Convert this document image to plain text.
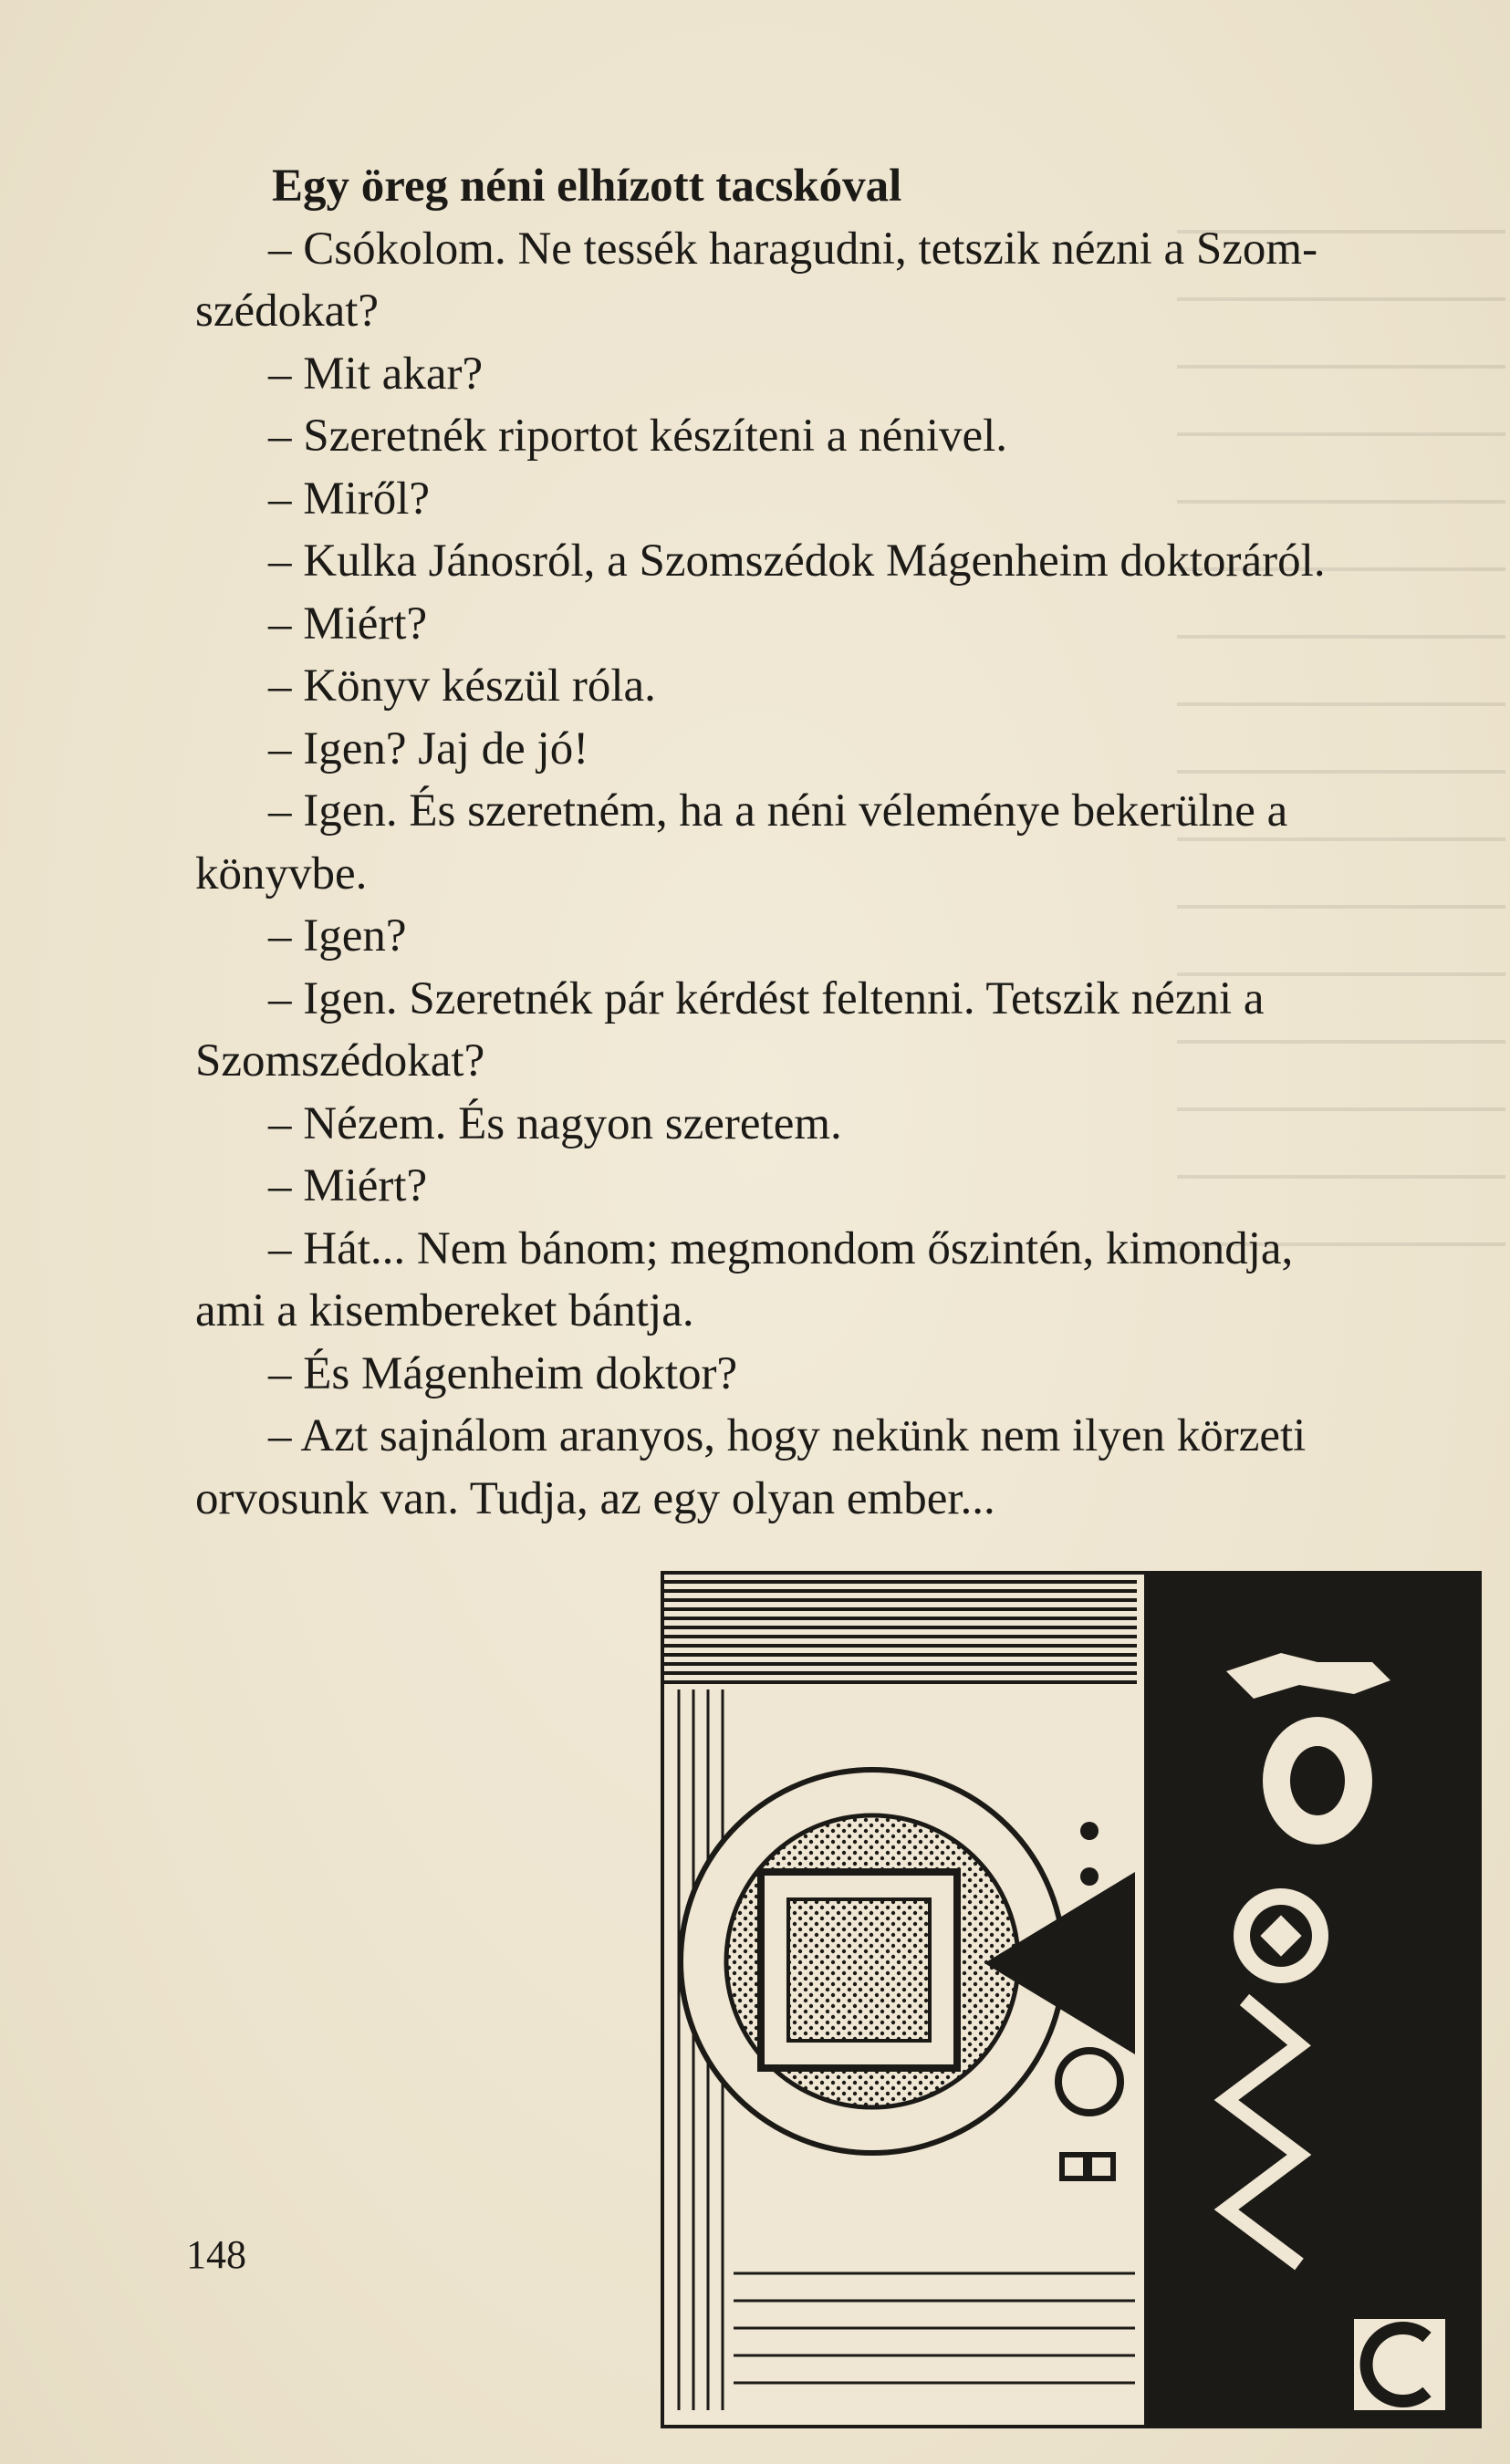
Egy öreg néni elhízott tacskóval
– Csókolom. Ne tessék haragudni, tetszik nézni a Szom-
szédokat?
– Mit akar?
– Szeretnék riportot készíteni a nénivel.
– Miről?
– Kulka Jánosról, a Szomszédok Mágenheim doktoráról.
– Miért?
– Könyv készül róla.
– Igen? Jaj de jó!
– Igen. És szeretném, ha a néni véleménye bekerülne a
könyvbe.
– Igen?
– Igen. Szeretnék pár kérdést feltenni. Tetszik nézni a
Szomszédokat?
– Nézem. És nagyon szeretem.
– Miért?
– Hát... Nem bánom; megmondom őszintén, kimondja,
ami a kisembereket bántja.
– És Mágenheim doktor?
– Azt sajnálom aranyos, hogy nekünk nem ilyen körzeti
orvosunk van. Tudja, az egy olyan ember...
148
